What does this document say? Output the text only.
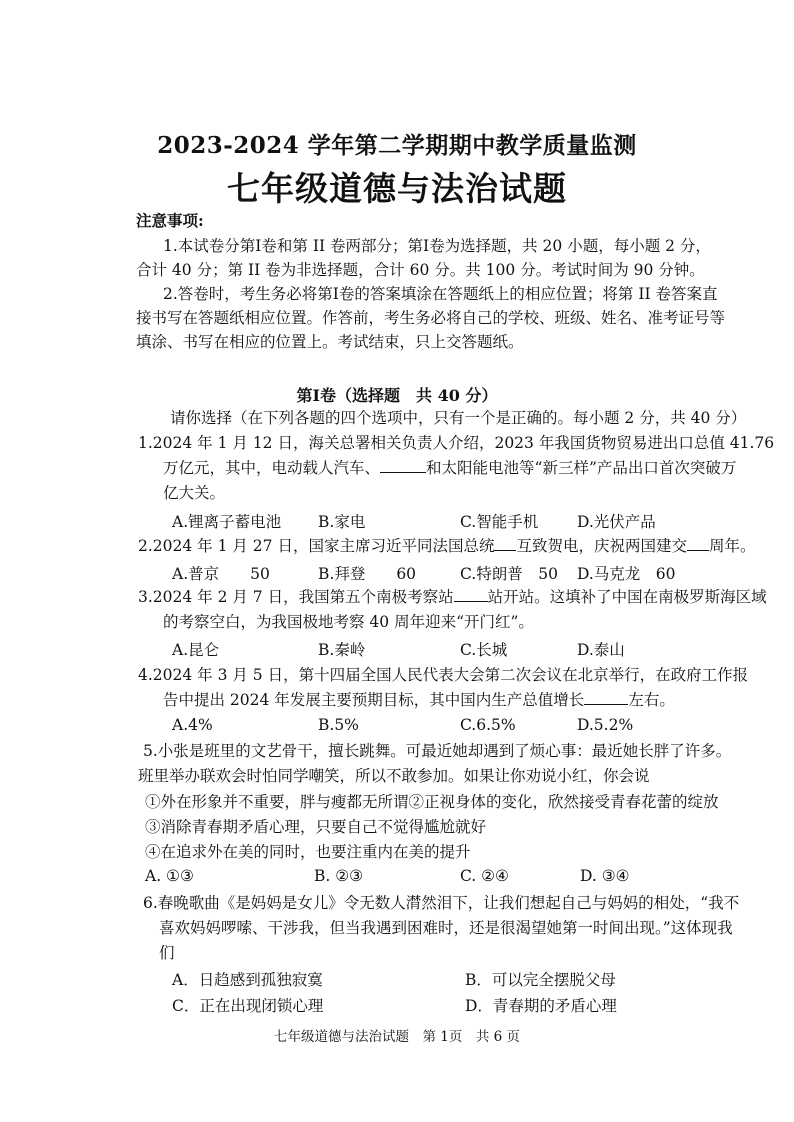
2023-2024 学年第二学期期中教学质量监测
七年级道德与法治试题
注意事项:
1.本试卷分第Ⅰ卷和第 II 卷两部分；第Ⅰ卷为选择题，共 20 小题，每小题 2 分，
合计 40 分；第 II 卷为非选择题，合计 60 分。共 100 分。考试时间为 90 分钟。
2.答卷时，考生务必将第Ⅰ卷的答案填涂在答题纸上的相应位置；将第 II 卷答案直
接书写在答题纸相应位置。作答前，考生务必将自己的学校、班级、姓名、准考证号等
填涂、书写在相应的位置上。考试结束，只上交答题纸。
第Ⅰ卷（选择题　共 40 分）
请你选择（在下列各题的四个选项中，只有一个是正确的。每小题 2 分，共 40 分）
1.2024 年 1 月 12 日，海关总署相关负责人介绍，2023 年我国货物贸易进出口总值 41.76
万亿元，其中，电动载人汽车、	和太阳能电池等“新三样”产品出口首次突破万
亿大关。
A.锂离子蓄电池 B.家电	C.智能手机	D.光伏产品
2.2024 年 1 月 27 日，国家主席习近平同法国总统 互致贺电，庆祝两国建交 周年。
A.普京　　50	B.拜登　　60	C.特朗普　50 D.马克龙　60
3.2024 年 2 月 7 日，我国第五个南极考察站 站开站。这填补了中国在南极罗斯海区域
的考察空白，为我国极地考察 40 周年迎来“开门红”。
A.昆仑	B.秦岭	C.长城	D.泰山
4.2024 年 3 月 5 日，第十四届全国人民代表大会第二次会议在北京举行，在政府工作报
告中提出 2024 年发展主要预期目标，其中国内生产总值增长	左右。
A.4%	B.5%	C.6.5%	D.5.2%
5.小张是班里的文艺骨干，擅长跳舞。可最近她却遇到了烦心事：最近她长胖了许多。
班里举办联欢会时怕同学嘲笑，所以不敢参加。如果让你劝说小红，你会说
①外在形象并不重要，胖与瘦都无所谓②正视身体的变化，欣然接受青春花蕾的绽放
③消除青春期矛盾心理，只要自己不觉得尴尬就好
④在追求外在美的同时，也要注重内在美的提升
A. ①③	B. ②③	C. ②④	D. ③④
6.春晚歌曲《是妈妈是女儿》令无数人潸然泪下，让我们想起自己与妈妈的相处，“我不
喜欢妈妈啰嗦、干涉我，但当我遇到困难时，还是很渴望她第一时间出现。”这体现我
们
A．日趋感到孤独寂寞	B．可以完全摆脱父母
C．正在出现闭锁心理	D．青春期的矛盾心理
七年级道德与法治试题　第 1页　共 6 页
